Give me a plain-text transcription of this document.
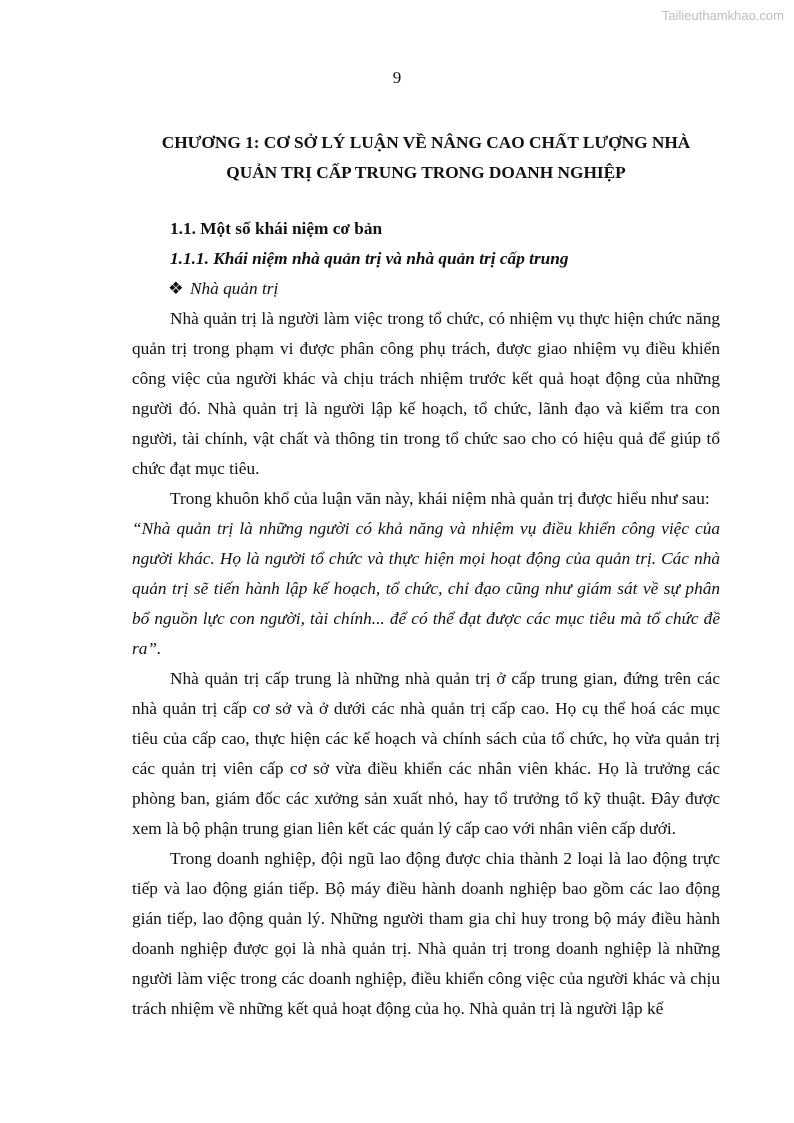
Tailieuthamkhao.com
9
CHƯƠNG 1: CƠ SỞ LÝ LUẬN VỀ NÂNG CAO CHẤT LƯỢNG NHÀ
QUẢN TRỊ CẤP TRUNG TRONG DOANH NGHIỆP
1.1. Một số khái niệm cơ bản
1.1.1. Khái niệm nhà quản trị và nhà quản trị cấp trung
❖ Nhà quản trị

Nhà quản trị là người làm việc trong tổ chức, có nhiệm vụ thực hiện chức năng quản trị trong phạm vi được phân công phụ trách, được giao nhiệm vụ điều khiển công việc của người khác và chịu trách nhiệm trước kết quả hoạt động của những người đó. Nhà quản trị là người lập kế hoạch, tổ chức, lãnh đạo và kiểm tra con người, tài chính, vật chất và thông tin trong tổ chức sao cho có hiệu quả để giúp tổ chức đạt mục tiêu.

Trong khuôn khổ của luận văn này, khái niệm nhà quản trị được hiểu như sau:

“Nhà quản trị là những người có khả năng và nhiệm vụ điều khiển công việc của người khác. Họ là người tổ chức và thực hiện mọi hoạt động của quản trị. Các nhà quản trị sẽ tiến hành lập kế hoạch, tổ chức, chỉ đạo cũng như giám sát về sự phân bổ nguồn lực con người, tài chính... để có thể đạt được các mục tiêu mà tổ chức đề ra”.

Nhà quản trị cấp trung là những nhà quản trị ở cấp trung gian, đứng trên các nhà quản trị cấp cơ sở và ở dưới các nhà quản trị cấp cao. Họ cụ thể hoá các mục tiêu của cấp cao, thực hiện các kế hoạch và chính sách của tổ chức, họ vừa quản trị các quản trị viên cấp cơ sở vừa điều khiển các nhân viên khác. Họ là trưởng các phòng ban, giám đốc các xưởng sản xuất nhỏ, hay tổ trưởng tổ kỹ thuật. Đây được xem là bộ phận trung gian liên kết các quản lý cấp cao với nhân viên cấp dưới.

Trong doanh nghiệp, đội ngũ lao động được chia thành 2 loại là lao động trực tiếp và lao động gián tiếp. Bộ máy điều hành doanh nghiệp bao gồm các lao động gián tiếp, lao động quản lý. Những người tham gia chỉ huy trong bộ máy điều hành doanh nghiệp được gọi là nhà quản trị. Nhà quản trị trong doanh nghiệp là những người làm việc trong các doanh nghiệp, điều khiển công việc của người khác và chịu trách nhiệm về những kết quả hoạt động của họ. Nhà quản trị là người lập kế
